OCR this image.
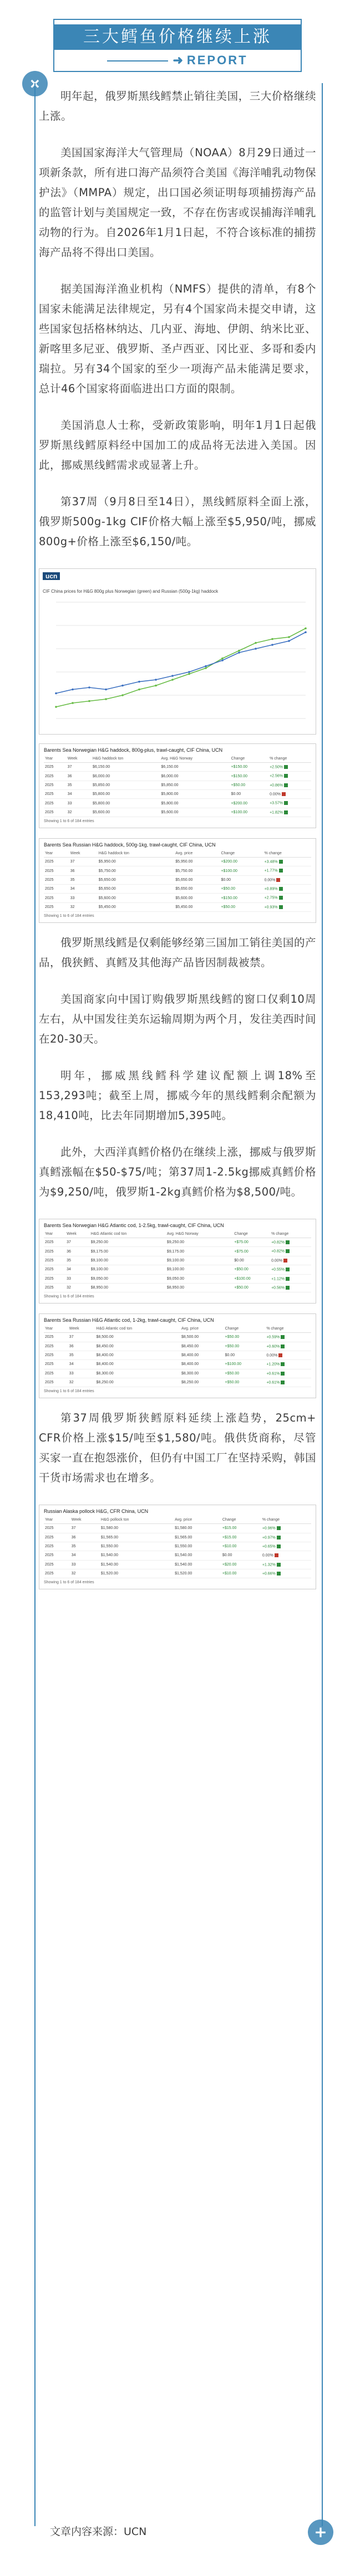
三大鳕鱼价格继续上涨
➜ REPORT
+

明年起，俄罗斯黑线鳕禁止销往美国，三大价格继续上涨。

美国国家海洋大气管理局（NOAA）8月29日通过一项新条款，所有进口海产品须符合美国《海洋哺乳动物保护法》（MMPA）规定，出口国必须证明每项捕捞海产品的监管计划与美国规定一致，不存在伤害或误捕海洋哺乳动物的行为。自2026年1月1日起，不符合该标准的捕捞海产品将不得出口美国。

据美国海洋渔业机构（NMFS）提供的清单，有8个国家未能满足法律规定，另有4个国家尚未提交申请，这些国家包括格林纳达、几内亚、海地、伊朗、纳米比亚、新喀里多尼亚、俄罗斯、圣卢西亚、冈比亚、多哥和委内瑞拉。另有34个国家的至少一项海产品未能满足要求，总计46个国家将面临进出口方面的限制。

美国消息人士称，受新政策影响，明年1月1日起俄罗斯黑线鳕原料经中国加工的成品将无法进入美国。因此，挪威黑线鳕需求或显著上升。

第37周（9月8日至14日），黑线鳕原料全面上涨，俄罗斯500g-1kg CIF价格大幅上涨至$5,950/吨，挪威800g+价格上涨至$6,150/吨。

ucn
CIF China prices for H&G 800g plus Norwegian (green) and Russian (500g-1kg) haddock
Barents Sea Norwegian H&G haddock, 800g-plus, trawl-caught, CIF China, UCN
Year	Week	H&G haddock ton	Avg. H&G Norway	Change	% change
2025	37	$6,150.00	$6,150.00	+$150.00	+2.50%
2025	36	$6,000.00	$6,000.00	+$150.00	+2.56%
2025	35	$5,850.00	$5,850.00	+$50.00	+0.86%
2025	34	$5,800.00	$5,800.00	$0.00	0.00%
2025	33	$5,800.00	$5,800.00	+$200.00	+3.57%
2025	32	$5,600.00	$5,600.00	+$100.00	+1.82%
Showing 1 to 6 of 184 entries
Barents Sea Russian H&G haddock, 500g-1kg, trawl-caught, CIF China, UCN
Year	Week	H&G haddock ton	Avg. price	Change	% change
2025	37	$5,950.00	$5,950.00	+$200.00	+3.48%
2025	36	$5,750.00	$5,750.00	+$100.00	+1.77%
2025	35	$5,650.00	$5,650.00	$0.00	0.00%
2025	34	$5,650.00	$5,650.00	+$50.00	+0.89%
2025	33	$5,600.00	$5,600.00	+$150.00	+2.75%
2025	32	$5,450.00	$5,450.00	+$50.00	+0.93%
Showing 1 to 6 of 184 entries

俄罗斯黑线鳕是仅剩能够经第三国加工销往美国的产品，俄狭鳕、真鳕及其他海产品皆因制裁被禁。

美国商家向中国订购俄罗斯黑线鳕的窗口仅剩10周左右，从中国发往美东运输周期为两个月，发往美西时间在20-30天。

明年，挪威黑线鳕科学建议配额上调18%至153,293吨；截至上周，挪威今年的黑线鳕剩余配额为18,410吨，比去年同期增加5,395吨。

此外，大西洋真鳕价格仍在继续上涨，挪威与俄罗斯真鳕涨幅在$50-$75/吨；第37周1-2.5kg挪威真鳕价格为$9,250/吨，俄罗斯1-2kg真鳕价格为$8,500/吨。

Barents Sea Norwegian H&G Atlantic cod, 1-2.5kg, trawl-caught, CIF China, UCN
Year	Week	H&G Atlantic cod ton	Avg. H&G Norway	Change	% change
2025	37	$9,250.00	$9,250.00	+$75.00	+0.82%
2025	36	$9,175.00	$9,175.00	+$75.00	+0.82%
2025	35	$9,100.00	$9,100.00	$0.00	0.00%
2025	34	$9,100.00	$9,100.00	+$50.00	+0.55%
2025	33	$9,050.00	$9,050.00	+$100.00	+1.12%
2025	32	$8,950.00	$8,950.00	+$50.00	+0.56%
Showing 1 to 6 of 184 entries
Barents Sea Russian H&G Atlantic cod, 1-2kg, trawl-caught, CIF China, UCN
Year	Week	H&G Atlantic cod ton	Avg. price	Change	% change
2025	37	$8,500.00	$8,500.00	+$50.00	+0.59%
2025	36	$8,450.00	$8,450.00	+$50.00	+0.60%
2025	35	$8,400.00	$8,400.00	$0.00	0.00%
2025	34	$8,400.00	$8,400.00	+$100.00	+1.20%
2025	33	$8,300.00	$8,300.00	+$50.00	+0.61%
2025	32	$8,250.00	$8,250.00	+$50.00	+0.61%
Showing 1 to 6 of 184 entries

第37周俄罗斯狭鳕原料延续上涨趋势，25cm+ CFR价格上涨$15/吨至$1,580/吨。俄供货商称，尽管买家一直在抱怨涨价，但仍有中国工厂在坚持采购，韩国干货市场需求也在增多。

Russian Alaska pollock H&G, CFR China, UCN
Year	Week	H&G pollock ton	Avg. price	Change	% change
2025	37	$1,580.00	$1,580.00	+$15.00	+0.96%
2025	36	$1,565.00	$1,565.00	+$15.00	+0.97%
2025	35	$1,550.00	$1,550.00	+$10.00	+0.65%
2025	34	$1,540.00	$1,540.00	$0.00	0.00%
2025	33	$1,540.00	$1,540.00	+$20.00	+1.32%
2025	32	$1,520.00	$1,520.00	+$10.00	+0.66%
Showing 1 to 6 of 184 entries
文章内容来源：UCN	+
